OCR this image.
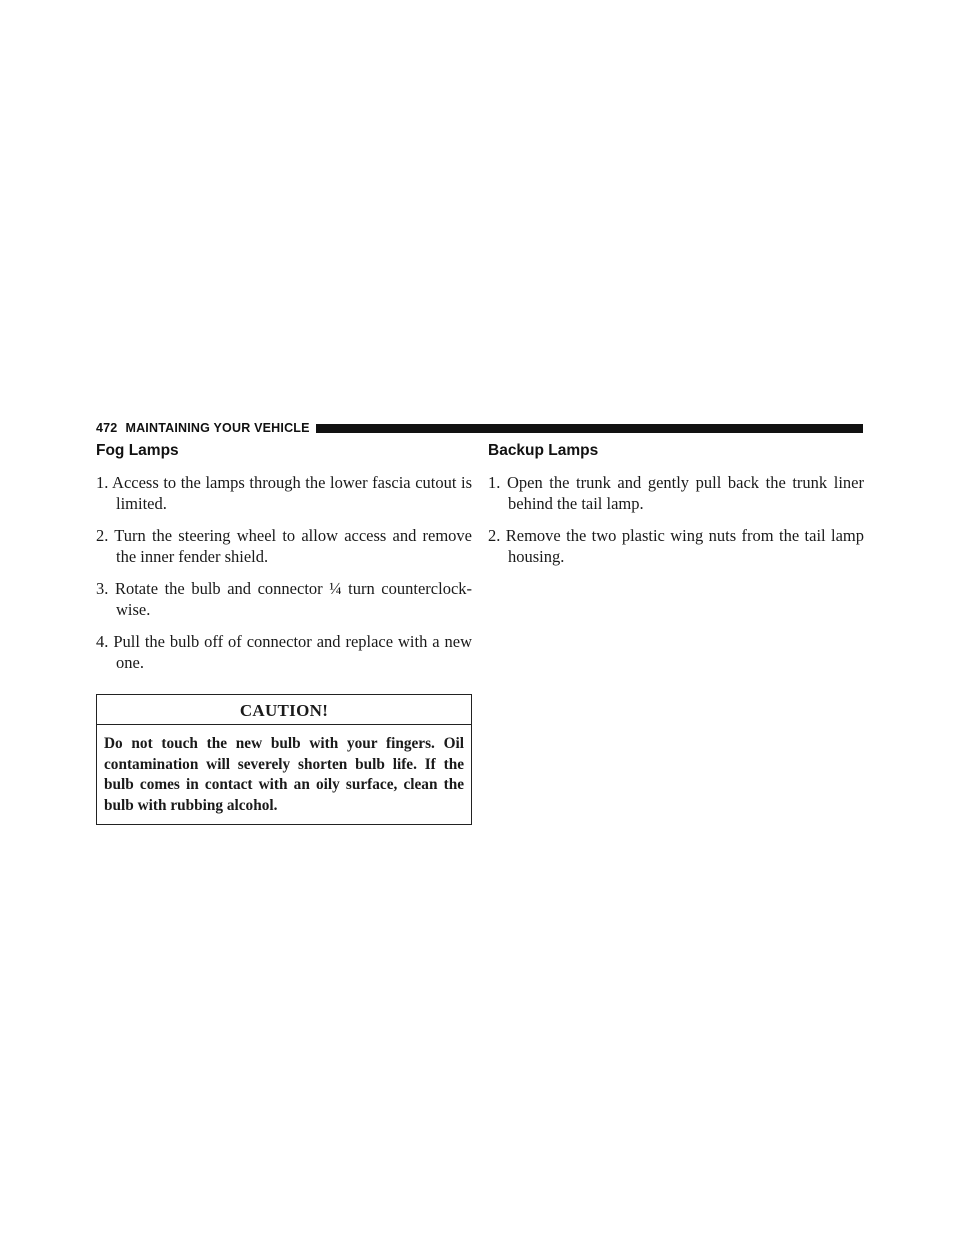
472 MAINTAINING YOUR VEHICLE
Fog Lamps
1. Access to the lamps through the lower fascia cutout is limited.
2. Turn the steering wheel to allow access and remove the inner fender shield.
3. Rotate the bulb and connector ¼ turn counterclock-wise.
4. Pull the bulb off of connector and replace with a new one.
CAUTION!
Do not touch the new bulb with your fingers. Oil contamination will severely shorten bulb life. If the bulb comes in contact with an oily surface, clean the bulb with rubbing alcohol.
Backup Lamps
1. Open the trunk and gently pull back the trunk liner behind the tail lamp.
2. Remove the two plastic wing nuts from the tail lamp housing.
